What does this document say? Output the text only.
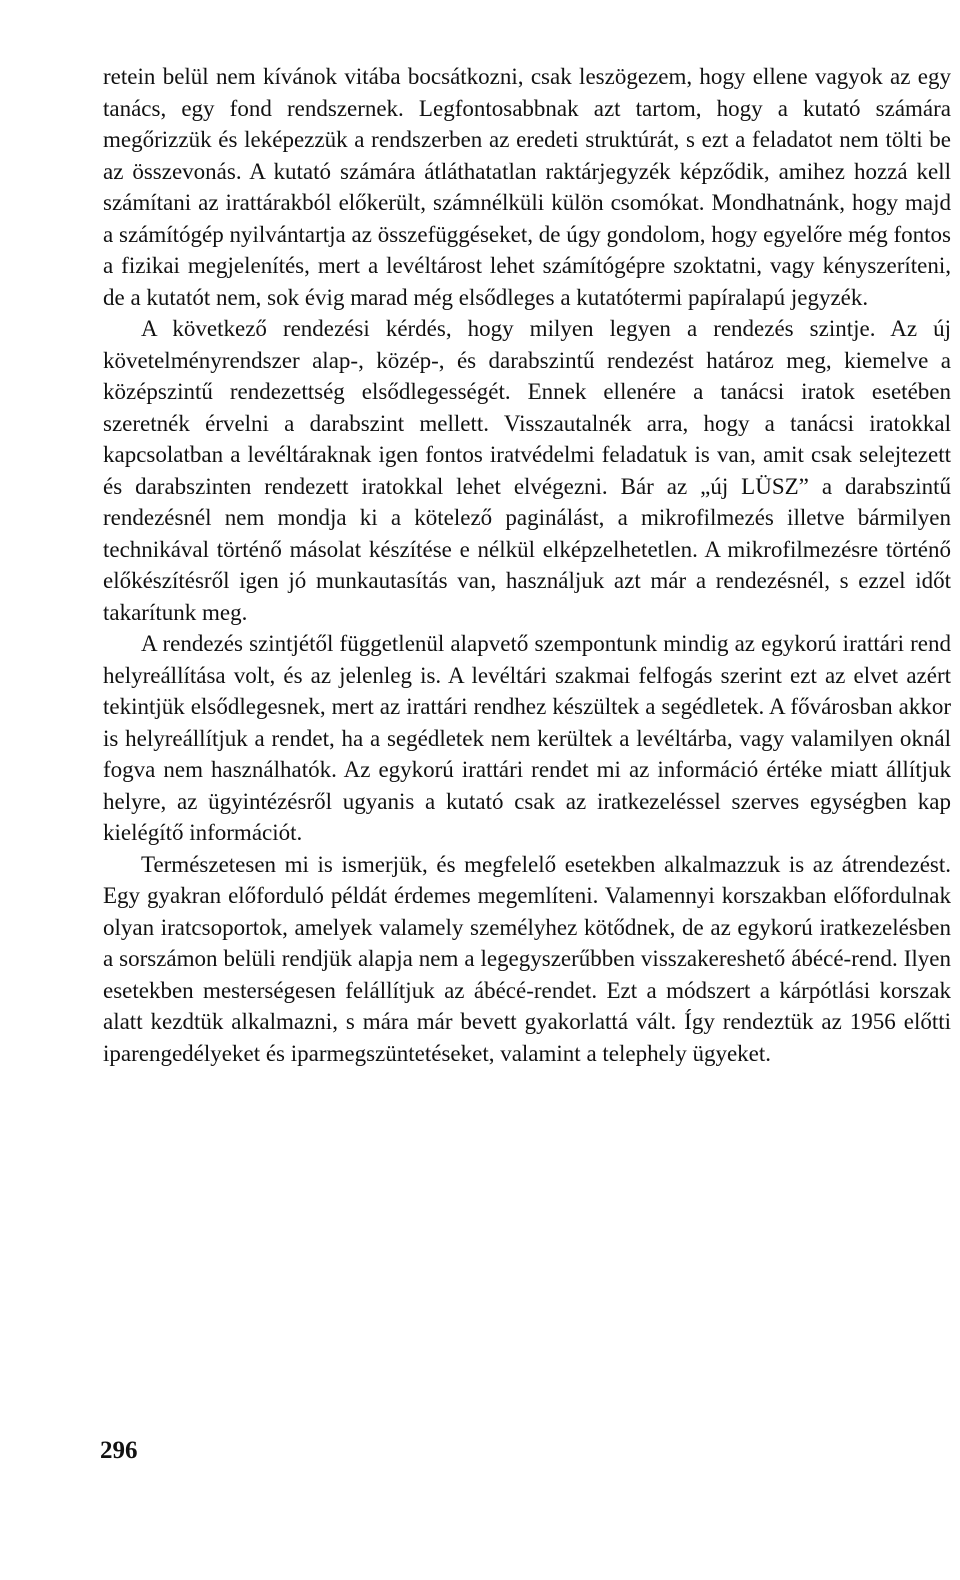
retein belül nem kívánok vitába bocsátkozni, csak leszögezem, hogy ellene vagyok az egy tanács, egy fond rendszernek. Legfontosabbnak azt tartom, hogy a kutató számára megőrizzük és leképezzük a rendszerben az eredeti struktúrát, s ezt a feladatot nem tölti be az összevonás. A kutató számára átláthatatlan raktárjegyzék képződik, amihez hozzá kell számítani az irattárakból előkerült, számnélküli külön csomókat. Mondhatnánk, hogy majd a számítógép nyilvántartja az összefüggéseket, de úgy gondolom, hogy egyelőre még fontos a fizikai megjelenítés, mert a levéltárost lehet számítógépre szoktatni, vagy kényszeríteni, de a kutatót nem, sok évig marad még elsődleges a kutatótermi papíralapú jegyzék.

A következő rendezési kérdés, hogy milyen legyen a rendezés szintje. Az új követelményrendszer alap-, közép-, és darabszintű rendezést határoz meg, kiemelve a középszintű rendezettség elsődlegességét. Ennek ellenére a tanácsi iratok esetében szeretnék érvelni a darabszint mellett. Visszautalnék arra, hogy a tanácsi iratokkal kapcsolatban a levéltáraknak igen fontos iratvédelmi feladatuk is van, amit csak selejtezett és darabszinten rendezett iratokkal lehet elvégezni. Bár az „új LÜSZ” a darabszintű rendezésnél nem mondja ki a kötelező paginálást, a mikrofilmezés illetve bármilyen technikával történő másolat készítése e nélkül elképzelhetetlen. A mikrofilmezésre történő előkészítésről igen jó munkautasítás van, használjuk azt már a rendezésnél, s ezzel időt takarítunk meg.

A rendezés szintjétől függetlenül alapvető szempontunk mindig az egykorú irattári rend helyreállítása volt, és az jelenleg is. A levéltári szakmai felfogás szerint ezt az elvet azért tekintjük elsődlegesnek, mert az irattári rendhez készültek a segédletek. A fővárosban akkor is helyreállítjuk a rendet, ha a segédletek nem kerültek a levéltárba, vagy valamilyen oknál fogva nem használhatók. Az egykorú irattári rendet mi az információ értéke miatt állítjuk helyre, az ügyintézésről ugyanis a kutató csak az iratkezeléssel szerves egységben kap kielégítő információt.

Természetesen mi is ismerjük, és megfelelő esetekben alkalmazzuk is az átrendezést. Egy gyakran előforduló példát érdemes megemlíteni. Valamennyi korszakban előfordulnak olyan iratcsoportok, amelyek valamely személyhez kötődnek, de az egykorú iratkezelésben a sorszámon belüli rendjük alapja nem a legegyszerűbben visszakereshető ábécé-rend. Ilyen esetekben mesterségesen felállítjuk az ábécé-rendet. Ezt a módszert a kárpótlási korszak alatt kezdtük alkalmazni, s mára már bevett gyakorlattá vált. Így rendeztük az 1956 előtti iparengedélyeket és iparmegszüntetéseket, valamint a telephely ügyeket.

296
